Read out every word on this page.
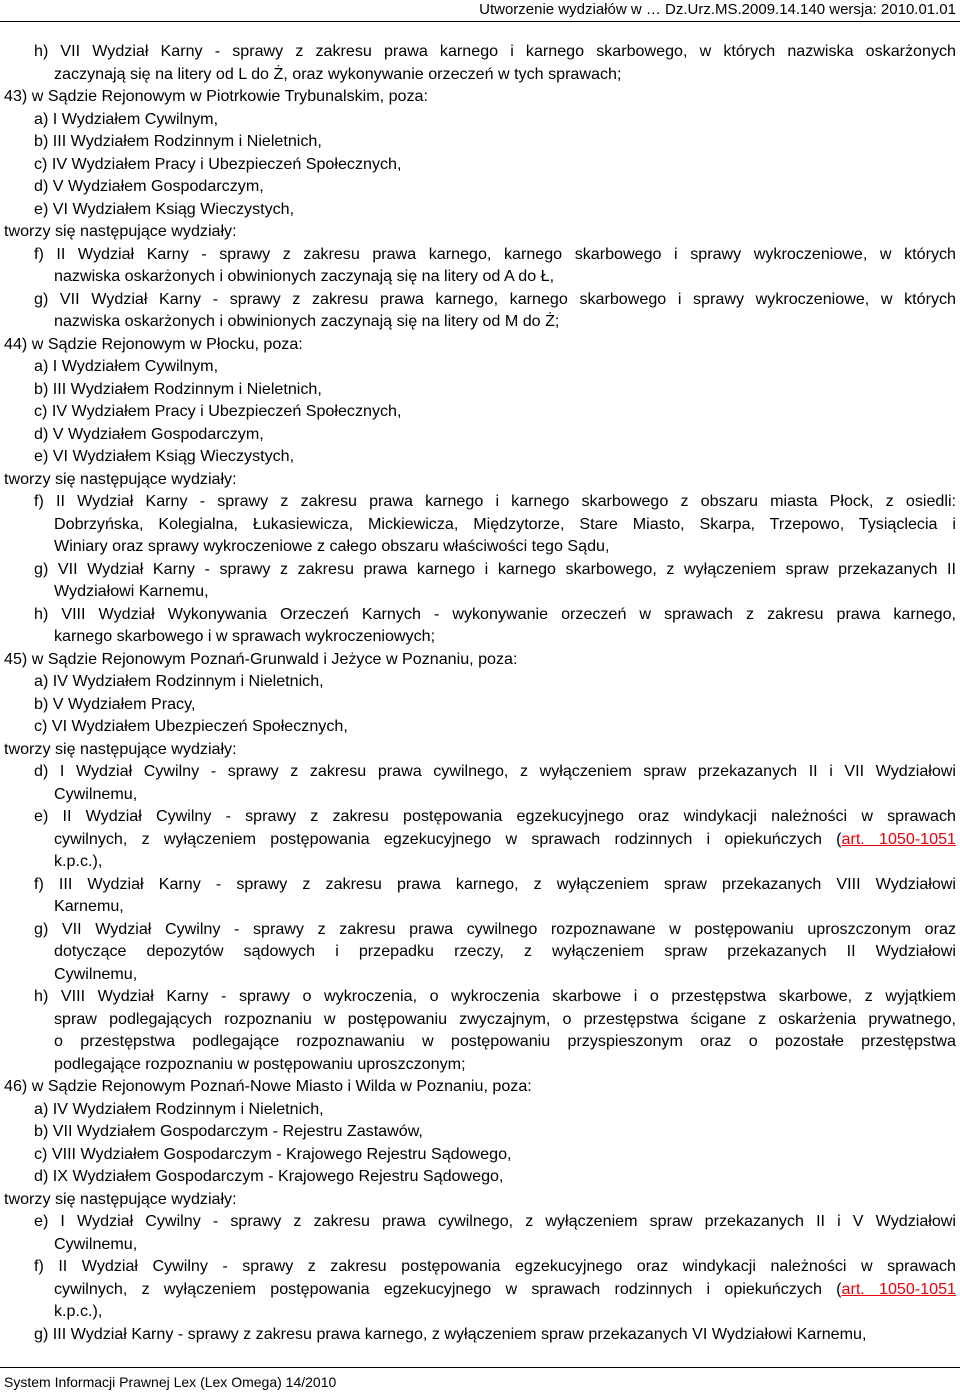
Utworzenie wydziałów w … Dz.Urz.MS.2009.14.140 wersja: 2010.01.01
h) VII Wydział Karny - sprawy z zakresu prawa karnego i karnego skarbowego, w których nazwiska oskarżonych
zaczynają się na litery od L do Ż, oraz wykonywanie orzeczeń w tych sprawach;
43) w Sądzie Rejonowym w Piotrkowie Trybunalskim, poza:
a) I Wydziałem Cywilnym,
b) III Wydziałem Rodzinnym i Nieletnich,
c) IV Wydziałem Pracy i Ubezpieczeń Społecznych,
d) V Wydziałem Gospodarczym,
e) VI Wydziałem Ksiąg Wieczystych,
tworzy się następujące wydziały:
f) II Wydział Karny - sprawy z zakresu prawa karnego, karnego skarbowego i sprawy wykroczeniowe, w których
nazwiska oskarżonych i obwinionych zaczynają się na litery od A do Ł,
g) VII Wydział Karny - sprawy z zakresu prawa karnego, karnego skarbowego i sprawy wykroczeniowe, w których
nazwiska oskarżonych i obwinionych zaczynają się na litery od M do Ż;
44) w Sądzie Rejonowym w Płocku, poza:
a) I Wydziałem Cywilnym,
b) III Wydziałem Rodzinnym i Nieletnich,
c) IV Wydziałem Pracy i Ubezpieczeń Społecznych,
d) V Wydziałem Gospodarczym,
e) VI Wydziałem Ksiąg Wieczystych,
tworzy się następujące wydziały:
f) II Wydział Karny - sprawy z zakresu prawa karnego i karnego skarbowego z obszaru miasta Płock, z osiedli:
Dobrzyńska, Kolegialna, Łukasiewicza, Mickiewicza, Międzytorze, Stare Miasto, Skarpa, Trzepowo, Tysiąclecia i
Winiary oraz sprawy wykroczeniowe z całego obszaru właściwości tego Sądu,
g) VII Wydział Karny - sprawy z zakresu prawa karnego i karnego skarbowego, z wyłączeniem spraw przekazanych II
Wydziałowi Karnemu,
h) VIII Wydział Wykonywania Orzeczeń Karnych - wykonywanie orzeczeń w sprawach z zakresu prawa karnego,
karnego skarbowego i w sprawach wykroczeniowych;
45) w Sądzie Rejonowym Poznań-Grunwald i Jeżyce w Poznaniu, poza:
a) IV Wydziałem Rodzinnym i Nieletnich,
b) V Wydziałem Pracy,
c) VI Wydziałem Ubezpieczeń Społecznych,
tworzy się następujące wydziały:
d) I Wydział Cywilny - sprawy z zakresu prawa cywilnego, z wyłączeniem spraw przekazanych II i VII Wydziałowi
Cywilnemu,
e) II Wydział Cywilny - sprawy z zakresu postępowania egzekucyjnego oraz windykacji należności w sprawach
cywilnych, z wyłączeniem postępowania egzekucyjnego w sprawach rodzinnych i opiekuńczych (art. 1050-1051
k.p.c.),
f) III Wydział Karny - sprawy z zakresu prawa karnego, z wyłączeniem spraw przekazanych VIII Wydziałowi
Karnemu,
g) VII Wydział Cywilny - sprawy z zakresu prawa cywilnego rozpoznawane w postępowaniu uproszczonym oraz
dotyczące depozytów sądowych i przepadku rzeczy, z wyłączeniem spraw przekazanych II Wydziałowi
Cywilnemu,
h) VIII Wydział Karny - sprawy o wykroczenia, o wykroczenia skarbowe i o przestępstwa skarbowe, z wyjątkiem
spraw podlegających rozpoznaniu w postępowaniu zwyczajnym, o przestępstwa ścigane z oskarżenia prywatnego,
o przestępstwa podlegające rozpoznawaniu w postępowaniu przyspieszonym oraz o pozostałe przestępstwa
podlegające rozpoznaniu w postępowaniu uproszczonym;
46) w Sądzie Rejonowym Poznań-Nowe Miasto i Wilda w Poznaniu, poza:
a) IV Wydziałem Rodzinnym i Nieletnich,
b) VII Wydziałem Gospodarczym - Rejestru Zastawów,
c) VIII Wydziałem Gospodarczym - Krajowego Rejestru Sądowego,
d) IX Wydziałem Gospodarczym - Krajowego Rejestru Sądowego,
tworzy się następujące wydziały:
e) I Wydział Cywilny - sprawy z zakresu prawa cywilnego, z wyłączeniem spraw przekazanych II i V Wydziałowi
Cywilnemu,
f) II Wydział Cywilny - sprawy z zakresu postępowania egzekucyjnego oraz windykacji należności w sprawach
cywilnych, z wyłączeniem postępowania egzekucyjnego w sprawach rodzinnych i opiekuńczych (art. 1050-1051
k.p.c.),
g) III Wydział Karny - sprawy z zakresu prawa karnego, z wyłączeniem spraw przekazanych VI Wydziałowi Karnemu,
System Informacji Prawnej Lex (Lex Omega) 14/2010
